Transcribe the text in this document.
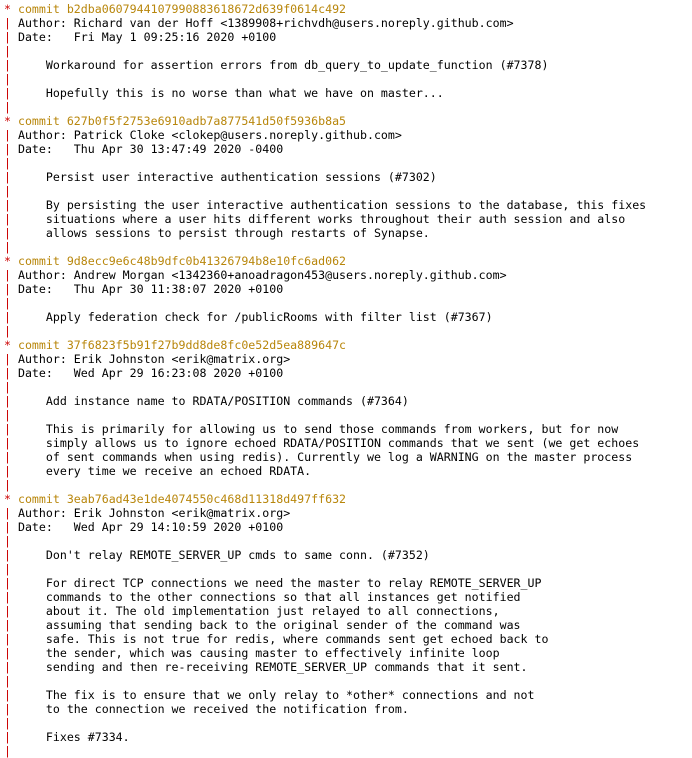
* commit b2dba0607944107990883618672d639f0614c492
| Author: Richard van der Hoff <1389908+richvdh@users.noreply.github.com>
| Date:   Fri May 1 09:25:16 2020 +0100
|
|     Workaround for assertion errors from db_query_to_update_function (#7378)
|
|     Hopefully this is no worse than what we have on master...
|
* commit 627b0f5f2753e6910adb7a877541d50f5936b8a5
| Author: Patrick Cloke <clokep@users.noreply.github.com>
| Date:   Thu Apr 30 13:47:49 2020 -0400
|
|     Persist user interactive authentication sessions (#7302)
|
|     By persisting the user interactive authentication sessions to the database, this fixes
|     situations where a user hits different works throughout their auth session and also
|     allows sessions to persist through restarts of Synapse.
|
* commit 9d8ecc9e6c48b9dfc0b41326794b8e10fc6ad062
| Author: Andrew Morgan <1342360+anoadragon453@users.noreply.github.com>
| Date:   Thu Apr 30 11:38:07 2020 +0100
|
|     Apply federation check for /publicRooms with filter list (#7367)
|
* commit 37f6823f5b91f27b9dd8de8fc0e52d5ea889647c
| Author: Erik Johnston <erik@matrix.org>
| Date:   Wed Apr 29 16:23:08 2020 +0100
|
|     Add instance name to RDATA/POSITION commands (#7364)
|
|     This is primarily for allowing us to send those commands from workers, but for now
|     simply allows us to ignore echoed RDATA/POSITION commands that we sent (we get echoes
|     of sent commands when using redis). Currently we log a WARNING on the master process
|     every time we receive an echoed RDATA.
|
* commit 3eab76ad43e1de4074550c468d11318d497ff632
| Author: Erik Johnston <erik@matrix.org>
| Date:   Wed Apr 29 14:10:59 2020 +0100
|
|     Don't relay REMOTE_SERVER_UP cmds to same conn. (#7352)
|
|     For direct TCP connections we need the master to relay REMOTE_SERVER_UP
|     commands to the other connections so that all instances get notified
|     about it. The old implementation just relayed to all connections,
|     assuming that sending back to the original sender of the command was
|     safe. This is not true for redis, where commands sent get echoed back to
|     the sender, which was causing master to effectively infinite loop
|     sending and then re-receiving REMOTE_SERVER_UP commands that it sent.
|
|     The fix is to ensure that we only relay to *other* connections and not
|     to the connection we received the notification from.
|
|     Fixes #7334.
|
